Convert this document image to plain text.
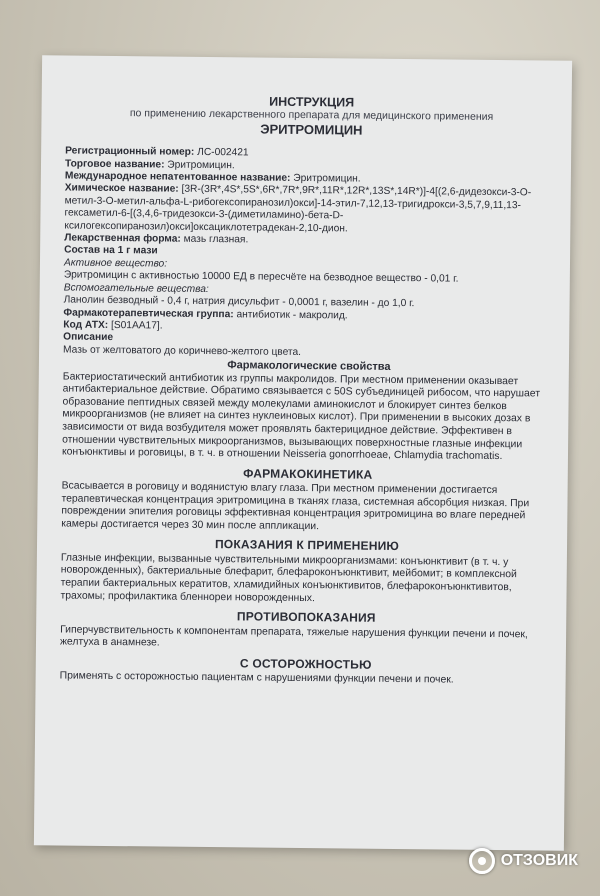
ИНСТРУКЦИЯ

по применению лекарственного препарата для медицинского применения

ЭРИТРОМИЦИН

Регистрационный номер: ЛС-002421

Торговое название: Эритромицин.

Международное непатентованное название: Эритромицин.

Химическое название: [3R-(3R*,4S*,5S*,6R*,7R*,9R*,11R*,12R*,13S*,14R*)]-4[(2,6-дидезокси-3-О-метил-3-О-метил-альфа-L-рибогексопиранозил)окси]-14-этил-7,12,13-тригидрокси-3,5,7,9,11,13-гексаметил-6-[(3,4,6-тридезокси-3-(диметиламино)-бета-D-ксилогексопиранозил)окси]оксациклотетрадекан-2,10-дион.

Лекарственная форма: мазь глазная.

Состав на 1 г мази

Активное вещество:

Эритромицин с активностью 10000 ЕД в пересчёте на безводное вещество - 0,01 г.

Вспомогательные вещества:

Ланолин безводный - 0,4 г, натрия дисульфит - 0,0001 г, вазелин - до 1,0 г.

Фармакотерапевтическая группа: антибиотик - макролид.

Код АТХ: [S01AA17].

Описание

Мазь от желтоватого до коричнево-желтого цвета.

Фармакологические свойства

Бактериостатический антибиотик из группы макролидов. При местном применении оказывает антибактериальное действие. Обратимо связывается с 50S субъединицей рибосом, что нарушает образование пептидных связей между молекулами аминокислот и блокирует синтез белков микроорганизмов (не влияет на синтез нуклеиновых кислот). При применении в высоких дозах в зависимости от вида возбудителя может проявлять бактерицидное действие. Эффективен в отношении чувствительных микроорганизмов, вызывающих поверхностные глазные инфекции конъюнктивы и роговицы, в т. ч. в отношении Neisseria gonorrhoeae, Chlamydia trachomatis.

ФАРМАКОКИНЕТИКА

Всасывается в роговицу и водянистую влагу глаза. При местном применении достигается терапевтическая концентрация эритромицина в тканях глаза, системная абсорбция низкая. При повреждении эпителия роговицы эффективная концентрация эритромицина во влаге передней камеры достигается через 30 мин после аппликации.

ПОКАЗАНИЯ К ПРИМЕНЕНИЮ

Глазные инфекции, вызванные чувствительными микроорганизмами: конъюнктивит (в т. ч. у новорожденных), бактериальные блефарит, блефароконъюнктивит, мейбомит; в комплексной терапии бактериальных кератитов, хламидийных конъюнктивитов, блефароконъюнктивитов, трахомы; профилактика бленнореи новорожденных.

ПРОТИВОПОКАЗАНИЯ

Гиперчувствительность к компонентам препарата, тяжелые нарушения функции печени и почек, желтуха в анамнезе.

С ОСТОРОЖНОСТЬЮ

Применять с осторожностью пациентам с нарушениями функции печени и почек.

ОТЗОВИК
